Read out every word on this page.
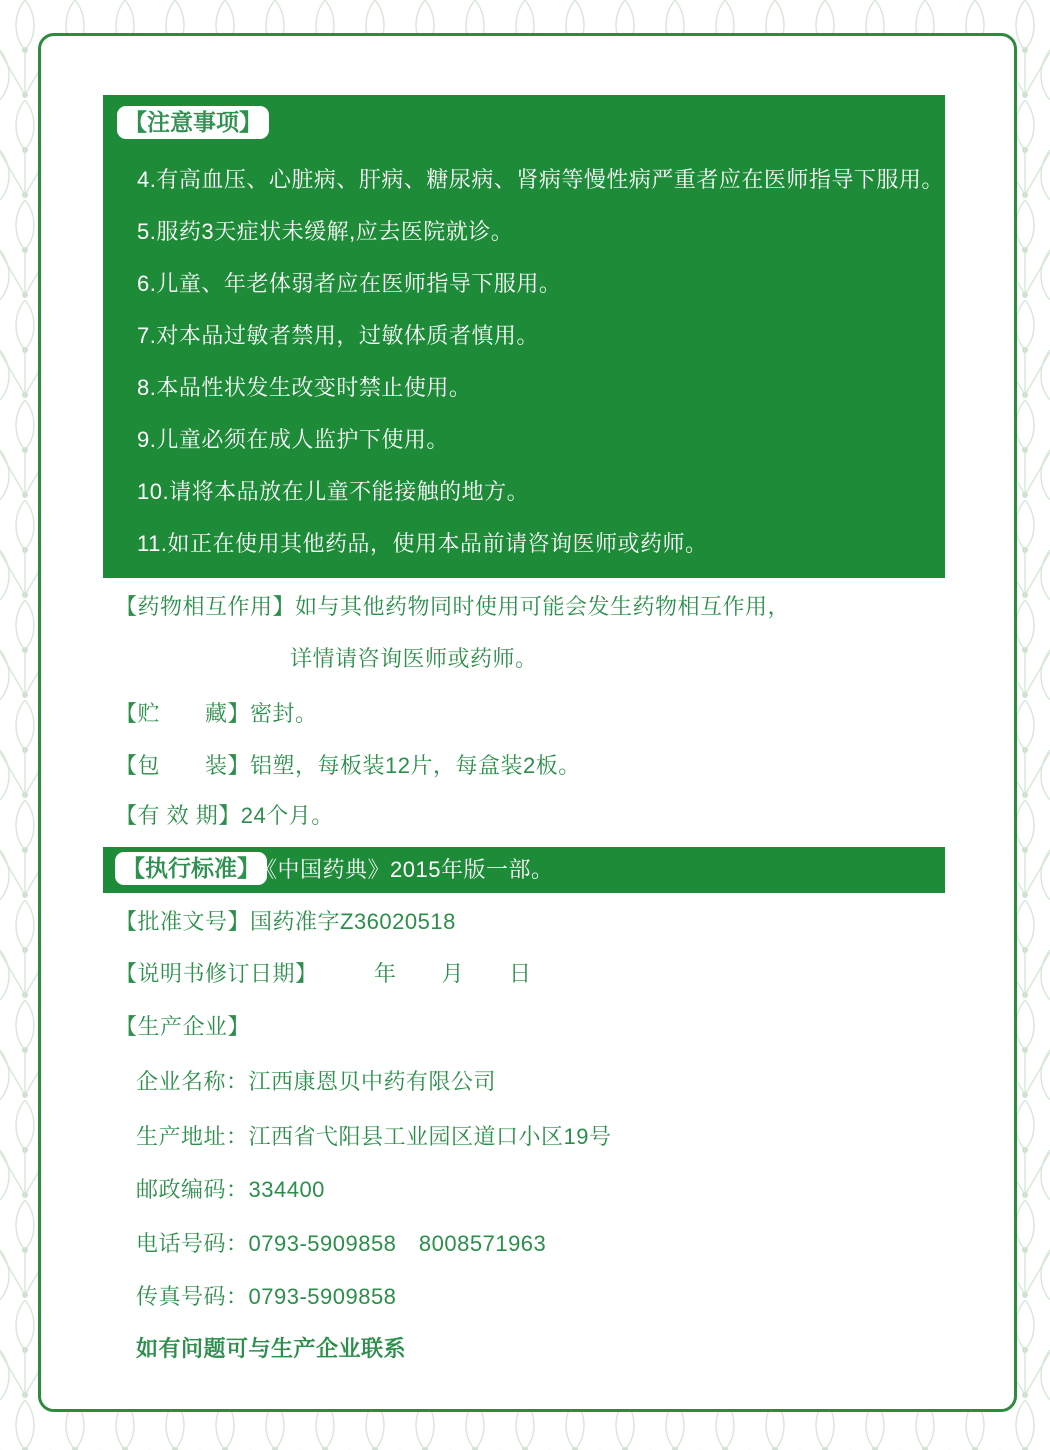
【注意事项】
4.有高血压、心脏病、肝病、糖尿病、肾病等慢性病严重者应在医师指导下服用。
5.服药3天症状未缓解,应去医院就诊。
6.儿童、年老体弱者应在医师指导下服用。
7.对本品过敏者禁用，过敏体质者慎用。
8.本品性状发生改变时禁止使用。
9.儿童必须在成人监护下使用。
10.请将本品放在儿童不能接触的地方。
11.如正在使用其他药品，使用本品前请咨询医师或药师。
【药物相互作用】如与其他药物同时使用可能会发生药物相互作用，
详情请咨询医师或药师。
【贮　　藏】密封。
【包　　装】铝塑，每板装12片，每盒装2板。
【有 效 期】24个月。
【执行标准】
《中国药典》2015年版一部。
【批准文号】国药准字Z36020518
【说明书修订日期】　　　年　　月　　日
【生产企业】
企业名称：江西康恩贝中药有限公司
生产地址：江西省弋阳县工业园区道口小区19号
邮政编码：334400
电话号码：0793-5909858　8008571963
传真号码：0793-5909858
如有问题可与生产企业联系
